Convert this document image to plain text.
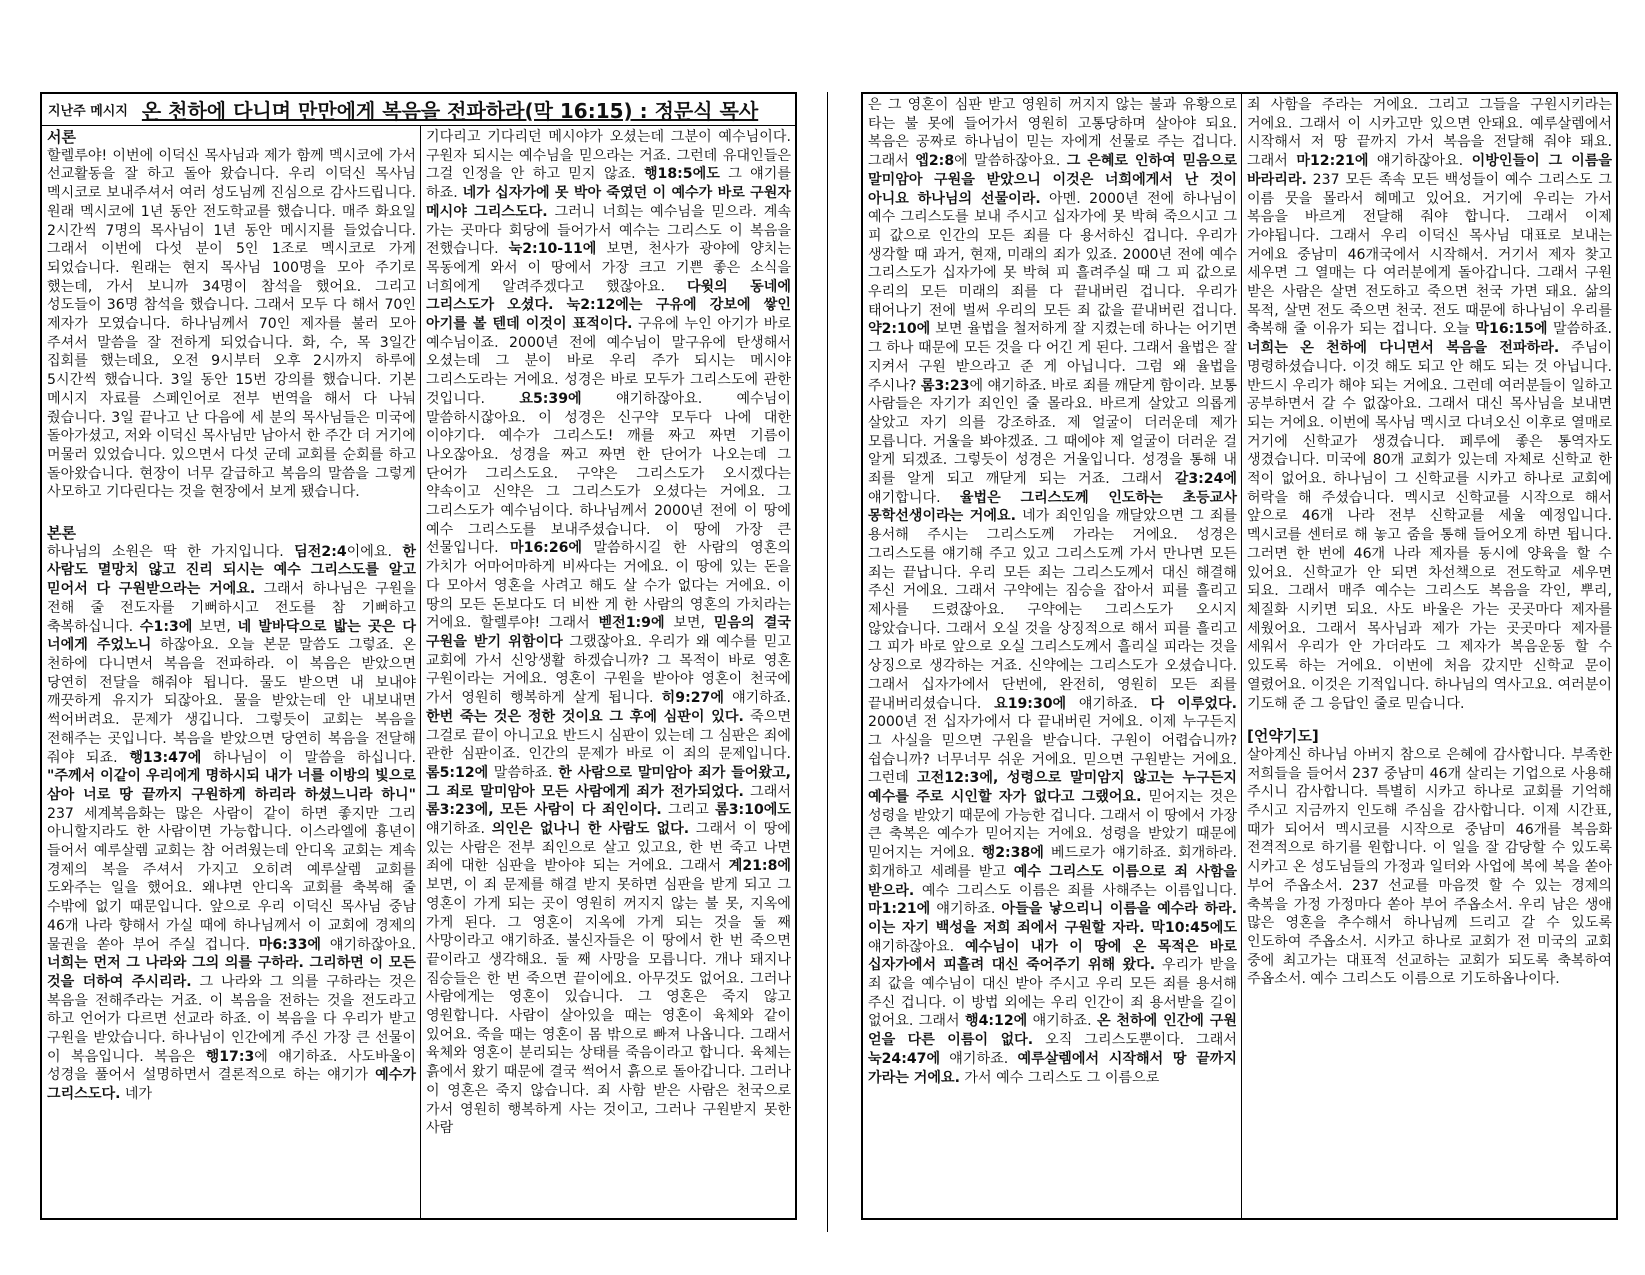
지난주 메시지 온 천하에 다니며 만만에게 복음을 전파하라(막 16:15) : 정문식 목사

서론

할렐루야! 이번에 이덕신 목사님과 제가 함께 멕시코에 가서 선교활동을 잘 하고 돌아 왔습니다. 우리 이덕신 목사님 멕시코로 보내주셔서 여러 성도님께 진심으로 감사드립니다. 원래 멕시코에 1년 동안 전도학교를 했습니다. 매주 화요일 2시간씩 7명의 목사님이 1년 동안 메시지를 들었습니다. 그래서 이번에 다섯 분이 5인 1조로 멕시코로 가게 되었습니다. 원래는 현지 목사님 100명을 모아 주기로 했는데, 가서 보니까 34명이 참석을 했어요. 그리고 성도들이 36명 참석을 했습니다. 그래서 모두 다 해서 70인 제자가 모였습니다. 하나님께서 70인 제자를 불러 모아 주셔서 말씀을 잘 전하게 되었습니다. 화, 수, 목 3일간 집회를 했는데요, 오전 9시부터 오후 2시까지 하루에 5시간씩 했습니다. 3일 동안 15번 강의를 했습니다. 기본 메시지 자료를 스페인어로 전부 번역을 해서 다 나눠 줬습니다. 3일 끝나고 난 다음에 세 분의 목사님들은 미국에 돌아가셨고, 저와 이덕신 목사님만 남아서 한 주간 더 거기에 머물러 있었습니다. 있으면서 다섯 군데 교회를 순회를 하고 돌아왔습니다. 현장이 너무 갈급하고 복음의 말씀을 그렇게 사모하고 기다린다는 것을 현장에서 보게 됐습니다.

본론

하나님의 소원은 딱 한 가지입니다. 딤전2:4이에요. 한 사람도 멸망치 않고 진리 되시는 예수 그리스도를 알고 믿어서 다 구원받으라는 거에요. 그래서 하나님은 구원을 전해 줄 전도자를 기뻐하시고 전도를 참 기뻐하고 축복하십니다. 수1:3에 보면, 네 발바닥으로 밟는 곳은 다 너에게 주었노니 하잖아요. 오늘 본문 말씀도 그렇죠. 온 천하에 다니면서 복음을 전파하라. 이 복음은 받았으면 당연히 전달을 해줘야 됩니다. 물도 받으면 내 보내야 깨끗하게 유지가 되잖아요. 물을 받았는데 안 내보내면 썩어버려요. 문제가 생깁니다. 그렇듯이 교회는 복음을 전해주는 곳입니다. 복음을 받았으면 당연히 복음을 전달해 줘야 되죠. 행13:47에 하나님이 이 말씀을 하십니다. "주께서 이같이 우리에게 명하시되 내가 너를 이방의 빛으로 삼아 너로 땅 끝까지 구원하게 하리라 하셨느니라 하니" 237 세계복음화는 많은 사람이 같이 하면 좋지만 그리 아니할지라도 한 사람이면 가능합니다. 이스라엘에 흉년이 들어서 예루살렘 교회는 참 어려웠는데 안디옥 교회는 계속 경제의 복을 주셔서 가지고 오히려 예루살렘 교회를 도와주는 일을 했어요. 왜냐면 안디옥 교회를 축복해 줄 수밖에 없기 때문입니다. 앞으로 우리 이덕신 목사님 중남 46개 나라 향해서 가실 때에 하나님께서 이 교회에 경제의 물권을 쏟아 부어 주실 겁니다. 마6:33에 얘기하잖아요. 너희는 먼저 그 나라와 그의 의를 구하라. 그리하면 이 모든 것을 더하여 주시리라. 그 나라와 그 의를 구하라는 것은 복음을 전해주라는 거죠. 이 복음을 전하는 것을 전도라고 하고 언어가 다르면 선교라 하죠. 이 복음을 다 우리가 받고 구원을 받았습니다. 하나님이 인간에게 주신 가장 큰 선물이 이 복음입니다. 복음은 행17:3에 얘기하죠. 사도바울이 성경을 풀어서 설명하면서 결론적으로 하는 얘기가 예수가 그리스도다. 네가

기다리고 기다리던 메시야가 오셨는데 그분이 예수님이다. 구원자 되시는 예수님을 믿으라는 거죠. 그런데 유대인들은 그걸 인정을 안 하고 믿지 않죠. 행18:5에도 그 얘기를 하죠. 네가 십자가에 못 박아 죽였던 이 예수가 바로 구원자 메시야 그리스도다. 그러니 너희는 예수님을 믿으라. 계속 가는 곳마다 회당에 들어가서 예수는 그리스도 이 복음을 전했습니다. 눅2:10-11에 보면, 천사가 광야에 양치는 목동에게 와서 이 땅에서 가장 크고 기쁜 좋은 소식을 너희에게 알려주겠다고 했잖아요. 다윗의 동네에 그리스도가 오셨다. 눅2:12에는 구유에 강보에 쌓인 아기를 볼 텐데 이것이 표적이다. 구유에 누인 아기가 바로 예수님이죠. 2000년 전에 예수님이 말구유에 탄생해서 오셨는데 그 분이 바로 우리 주가 되시는 메시야 그리스도라는 거에요. 성경은 바로 모두가 그리스도에 관한 것입니다. 요5:39에 얘기하잖아요. 예수님이 말씀하시잖아요. 이 성경은 신구약 모두다 나에 대한 이야기다. 예수가 그리스도! 깨를 짜고 짜면 기름이 나오잖아요. 성경을 짜고 짜면 한 단어가 나오는데 그 단어가 그리스도요. 구약은 그리스도가 오시겠다는 약속이고 신약은 그 그리스도가 오셨다는 거에요. 그 그리스도가 예수님이다. 하나님께서 2000년 전에 이 땅에 예수 그리스도를 보내주셨습니다. 이 땅에 가장 큰 선물입니다. 마16:26에 말씀하시길 한 사람의 영혼의 가치가 어마어마하게 비싸다는 거에요. 이 땅에 있는 돈을 다 모아서 영혼을 사려고 해도 살 수가 없다는 거에요. 이 땅의 모든 돈보다도 더 비싼 게 한 사람의 영혼의 가치라는 거에요. 할렐루야! 그래서 벧전1:9에 보면, 믿음의 결국 구원을 받기 위함이다 그랬잖아요. 우리가 왜 예수를 믿고 교회에 가서 신앙생활 하겠습니까? 그 목적이 바로 영혼 구원이라는 거에요. 영혼이 구원을 받아야 영혼이 천국에 가서 영원히 행복하게 살게 됩니다. 히9:27에 얘기하죠. 한번 죽는 것은 정한 것이요 그 후에 심판이 있다. 죽으면 그걸로 끝이 아니고요 반드시 심판이 있는데 그 심판은 죄에 관한 심판이죠. 인간의 문제가 바로 이 죄의 문제입니다. 롬5:12에 말씀하죠. 한 사람으로 말미암아 죄가 들어왔고, 그 죄로 말미암아 모든 사람에게 죄가 전가되었다. 그래서 롬3:23에, 모든 사람이 다 죄인이다. 그리고 롬3:10에도 얘기하죠. 의인은 없나니 한 사람도 없다. 그래서 이 땅에 있는 사람은 전부 죄인으로 살고 있고요, 한 번 죽고 나면 죄에 대한 심판을 받아야 되는 거에요. 그래서 계21:8에 보면, 이 죄 문제를 해결 받지 못하면 심판을 받게 되고 그 영혼이 가게 되는 곳이 영원히 꺼지지 않는 불 못, 지옥에 가게 된다. 그 영혼이 지옥에 가게 되는 것을 둘 째 사망이라고 얘기하죠. 불신자들은 이 땅에서 한 번 죽으면 끝이라고 생각해요. 둘 째 사망을 모릅니다. 개나 돼지나 짐승들은 한 번 죽으면 끝이에요. 아무것도 없어요. 그러나 사람에게는 영혼이 있습니다. 그 영혼은 죽지 않고 영원합니다. 사람이 살아있을 때는 영혼이 육체와 같이 있어요. 죽을 때는 영혼이 몸 밖으로 빠져 나옵니다. 그래서 육체와 영혼이 분리되는 상태를 죽음이라고 합니다. 육체는 흙에서 왔기 때문에 결국 썩어서 흙으로 돌아갑니다. 그러나 이 영혼은 죽지 않습니다. 죄 사함 받은 사람은 천국으로 가서 영원히 행복하게 사는 것이고, 그러나 구원받지 못한 사람

은 그 영혼이 심판 받고 영원히 꺼지지 않는 불과 유황으로 타는 불 못에 들어가서 영원히 고통당하며 살아야 되요. 복음은 공짜로 하나님이 믿는 자에게 선물로 주는 겁니다. 그래서 엡2:8에 말씀하잖아요. 그 은혜로 인하여 믿음으로 말미암아 구원을 받았으니 이것은 너희에게서 난 것이 아니요 하나님의 선물이라. 아멘. 2000년 전에 하나님이 예수 그리스도를 보내 주시고 십자가에 못 박혀 죽으시고 그 피 값으로 인간의 모든 죄를 다 용서하신 겁니다. 우리가 생각할 때 과거, 현재, 미래의 죄가 있죠. 2000년 전에 예수 그리스도가 십자가에 못 박혀 피 흘려주실 때 그 피 값으로 우리의 모든 미래의 죄를 다 끝내버린 겁니다. 우리가 태어나기 전에 벌써 우리의 모든 죄 값을 끝내버린 겁니다. 약2:10에 보면 율법을 철저하게 잘 지켰는데 하나는 어기면 그 하나 때문에 모든 것을 다 어긴 게 된다. 그래서 율법은 잘 지켜서 구원 받으라고 준 게 아닙니다. 그럼 왜 율법을 주시나? 롬3:23에 얘기하죠. 바로 죄를 깨닫게 함이라. 보통 사람들은 자기가 죄인인 줄 몰라요. 바르게 살았고 의롭게 살았고 자기 의를 강조하죠. 제 얼굴이 더러운데 제가 모릅니다. 거울을 봐야겠죠. 그 때에야 제 얼굴이 더러운 걸 알게 되겠죠. 그렇듯이 성경은 거울입니다. 성경을 통해 내 죄를 알게 되고 깨닫게 되는 거죠. 그래서 갈3:24에 얘기합니다. 율법은 그리스도께 인도하는 초등교사 몽학선생이라는 거에요. 네가 죄인임을 깨달았으면 그 죄를 용서해 주시는 그리스도께 가라는 거에요. 성경은 그리스도를 얘기해 주고 있고 그리스도께 가서 만나면 모든 죄는 끝납니다. 우리 모든 죄는 그리스도께서 대신 해결해 주신 거에요. 그래서 구약에는 짐승을 잡아서 피를 흘리고 제사를 드렸잖아요. 구약에는 그리스도가 오시지 않았습니다. 그래서 오실 것을 상징적으로 해서 피를 흘리고 그 피가 바로 앞으로 오실 그리스도께서 흘리실 피라는 것을 상징으로 생각하는 거죠. 신약에는 그리스도가 오셨습니다. 그래서 십자가에서 단번에, 완전히, 영원히 모든 죄를 끝내버리셨습니다. 요19:30에 얘기하죠. 다 이루었다. 2000년 전 십자가에서 다 끝내버린 거에요. 이제 누구든지 그 사실을 믿으면 구원을 받습니다. 구원이 어렵습니까? 쉽습니까? 너무너무 쉬운 거에요. 믿으면 구원받는 거에요. 그런데 고전12:3에, 성령으로 말미암지 않고는 누구든지 예수를 주로 시인할 자가 없다고 그랬어요. 믿어지는 것은 성령을 받았기 때문에 가능한 겁니다. 그래서 이 땅에서 가장 큰 축복은 예수가 믿어지는 거에요. 성령을 받았기 때문에 믿어지는 거에요. 행2:38에 베드로가 얘기하죠. 회개하라. 회개하고 세례를 받고 예수 그리스도 이름으로 죄 사함을 받으라. 예수 그리스도 이름은 죄를 사해주는 이름입니다. 마1:21에 얘기하죠. 아들을 낳으리니 이름을 예수라 하라. 이는 자기 백성을 저희 죄에서 구원할 자라. 막10:45에도 얘기하잖아요. 예수님이 내가 이 땅에 온 목적은 바로 십자가에서 피흘려 대신 죽어주기 위해 왔다. 우리가 받을 죄 값을 예수님이 대신 받아 주시고 우리 모든 죄를 용서해 주신 겁니다. 이 방법 외에는 우리 인간이 죄 용서받을 길이 없어요. 그래서 행4:12에 얘기하죠. 온 천하에 인간에 구원 얻을 다른 이름이 없다. 오직 그리스도뿐이다. 그래서 눅24:47에 얘기하죠. 예루살렘에서 시작해서 땅 끝까지 가라는 거에요. 가서 예수 그리스도 그 이름으로

죄 사함을 주라는 거에요. 그리고 그들을 구원시키라는 거에요. 그래서 이 시카고만 있으면 안돼요. 예루살렘에서 시작해서 저 땅 끝까지 가서 복음을 전달해 줘야 돼요. 그래서 마12:21에 얘기하잖아요. 이방인들이 그 이름을 바라리라. 237 모든 족속 모든 백성들이 예수 그리스도 그 이름 뭇을 몰라서 헤메고 있어요. 거기에 우리는 가서 복음을 바르게 전달해 줘야 합니다. 그래서 이제 가야됩니다. 그래서 우리 이덕신 목사님 대표로 보내는 거에요 중남미 46개국에서 시작해서. 거기서 제자 찾고 세우면 그 열매는 다 여러분에게 돌아갑니다. 그래서 구원 받은 사람은 살면 전도하고 죽으면 천국 가면 돼요. 삶의 목적, 살면 전도 죽으면 천국. 전도 때문에 하나님이 우리를 축복해 줄 이유가 되는 겁니다. 오늘 막16:15에 말씀하죠. 너희는 온 천하에 다니면서 복음을 전파하라. 주님이 명령하셨습니다. 이것 해도 되고 안 해도 되는 것 아닙니다. 반드시 우리가 해야 되는 거에요. 그런데 여러분들이 일하고 공부하면서 갈 수 없잖아요. 그래서 대신 목사님을 보내면 되는 거에요. 이번에 목사님 멕시코 다녀오신 이후로 열매로 거기에 신학교가 생겼습니다. 페루에 좋은 통역자도 생겼습니다. 미국에 80개 교회가 있는데 자체로 신학교 한 적이 없어요. 하나님이 그 신학교를 시카고 하나로 교회에 허락을 해 주셨습니다. 멕시코 신학교를 시작으로 해서 앞으로 46개 나라 전부 신학교를 세울 예정입니다. 멕시코를 센터로 해 놓고 줌을 통해 들어오게 하면 됩니다. 그러면 한 번에 46개 나라 제자를 동시에 양육을 할 수 있어요. 신학교가 안 되면 차선책으로 전도학교 세우면 되요. 그래서 매주 예수는 그리스도 복음을 각인, 뿌리, 체질화 시키면 되요. 사도 바울은 가는 곳곳마다 제자를 세웠어요. 그래서 목사님과 제가 가는 곳곳마다 제자를 세워서 우리가 안 가더라도 그 제자가 복음운동 할 수 있도록 하는 거에요. 이번에 처음 갔지만 신학교 문이 열렸어요. 이것은 기적입니다. 하나님의 역사고요. 여러분이 기도해 준 그 응답인 줄로 믿습니다.

[언약기도]

살아계신 하나님 아버지 참으로 은혜에 감사합니다. 부족한 저희들을 들어서 237 중남미 46개 살리는 기업으로 사용해 주시니 감사합니다. 특별히 시카고 하나로 교회를 기억해 주시고 지금까지 인도해 주심을 감사합니다. 이제 시간표, 때가 되어서 멕시코를 시작으로 중남미 46개를 복음화 전격적으로 하기를 원합니다. 이 일을 잘 감당할 수 있도록 시카고 온 성도님들의 가정과 일터와 사업에 복에 복을 쏟아 부어 주옵소서. 237 선교를 마음껏 할 수 있는 경제의 축복을 가정 가정마다 쏟아 부어 주옵소서. 우리 남은 생애 많은 영혼을 추수해서 하나님께 드리고 갈 수 있도록 인도하여 주옵소서. 시카고 하나로 교회가 전 미국의 교회 중에 최고가는 대표적 선교하는 교회가 되도록 축복하여 주옵소서. 예수 그리스도 이름으로 기도하옵나이다.
